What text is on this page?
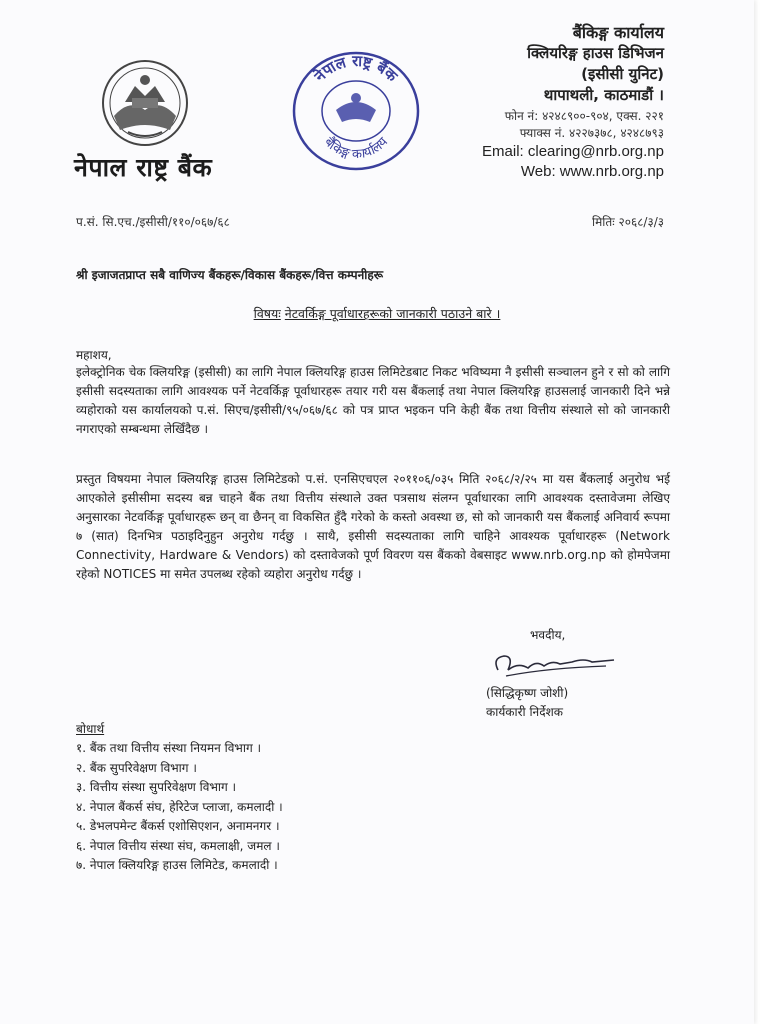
नेपाल राष्ट्र बैंक
बैंकिङ्ग कार्यालय
नेपाल राष्ट्र बैंक
बैंकिङ्ग कार्यालय
क्लियरिङ्ग हाउस डिभिजन
(इसीसी युनिट)
थापाथली, काठमाडौं ।
फोन नं: ४२४८९००-९०४, एक्स. २२१
फ्याक्स नं. ४२२७३७८, ४२४८७९३
Email: clearing@nrb.org.np
Web: www.nrb.org.np
प.सं. सि.एच./इसीसी/११०/०६७/६८	मितिः २०६८/३/३
श्री इजाजतप्राप्त सबै वाणिज्य बैंकहरू/विकास बैंकहरू/वित्त कम्पनीहरू
विषयः नेटवर्किङ्ग पूर्वाधारहरूको जानकारी पठाउने बारे ।
महाशय,
इलेक्ट्रोनिक चेक क्लियरिङ्ग (इसीसी) का लागि नेपाल क्लियरिङ्ग हाउस लिमिटेडबाट निकट भविष्यमा नै इसीसी सञ्चालन हुने र सो को लागि इसीसी सदस्यताका लागि आवश्यक पर्ने नेटवर्किङ्ग पूर्वाधारहरू तयार गरी यस बैंकलाई तथा नेपाल क्लियरिङ्ग हाउसलाई जानकारी दिने भन्ने व्यहोराको यस कार्यालयको प.सं. सिएच/इसीसी/९५/०६७/६८ को पत्र प्राप्त भइकन पनि केही बैंक तथा वित्तीय संस्थाले सो को जानकारी नगराएको सम्बन्धमा लेखिँदैछ ।
प्रस्तुत विषयमा नेपाल क्लियरिङ्ग हाउस लिमिटेडको प.सं. एनसिएचएल २०११०६/०३५ मिति २०६८/२/२५ मा यस बैंकलाई अनुरोध भई आएकोले इसीसीमा सदस्य बन्न चाहने बैंक तथा वित्तीय संस्थाले उक्त पत्रसाथ संलग्न पूर्वाधारका लागि आवश्यक दस्तावेजमा लेखिए अनुसारका नेटवर्किङ्ग पूर्वाधारहरू छन् वा छैनन् वा विकसित हुँदै गरेको के कस्तो अवस्था छ, सो को जानकारी यस बैंकलाई अनिवार्य रूपमा ७ (सात) दिनभित्र पठाइदिनुहुन अनुरोध गर्दछु । साथै, इसीसी सदस्यताका लागि चाहिने आवश्यक पूर्वाधारहरू (Network Connectivity, Hardware & Vendors) को दस्तावेजको पूर्ण विवरण यस बैंकको वेबसाइट www.nrb.org.np को होमपेजमा रहेको NOTICES मा समेत उपलब्ध रहेको व्यहोरा अनुरोध गर्दछु ।
भवदीय,
(सिद्धिकृष्ण जोशी)
कार्यकारी निर्देशक
बोधार्थ
१. बैंक तथा वित्तीय संस्था नियमन विभाग ।
२. बैंक सुपरिवेक्षण विभाग ।
३. वित्तीय संस्था सुपरिवेक्षण विभाग ।
४. नेपाल बैंकर्स संघ, हेरिटेज प्लाजा, कमलादी ।
५. डेभलपमेन्ट बैंकर्स एशोसिएशन, अनामनगर ।
६. नेपाल वित्तीय संस्था संघ, कमलाक्षी, जमल ।
७. नेपाल क्लियरिङ्ग हाउस लिमिटेड, कमलादी ।
